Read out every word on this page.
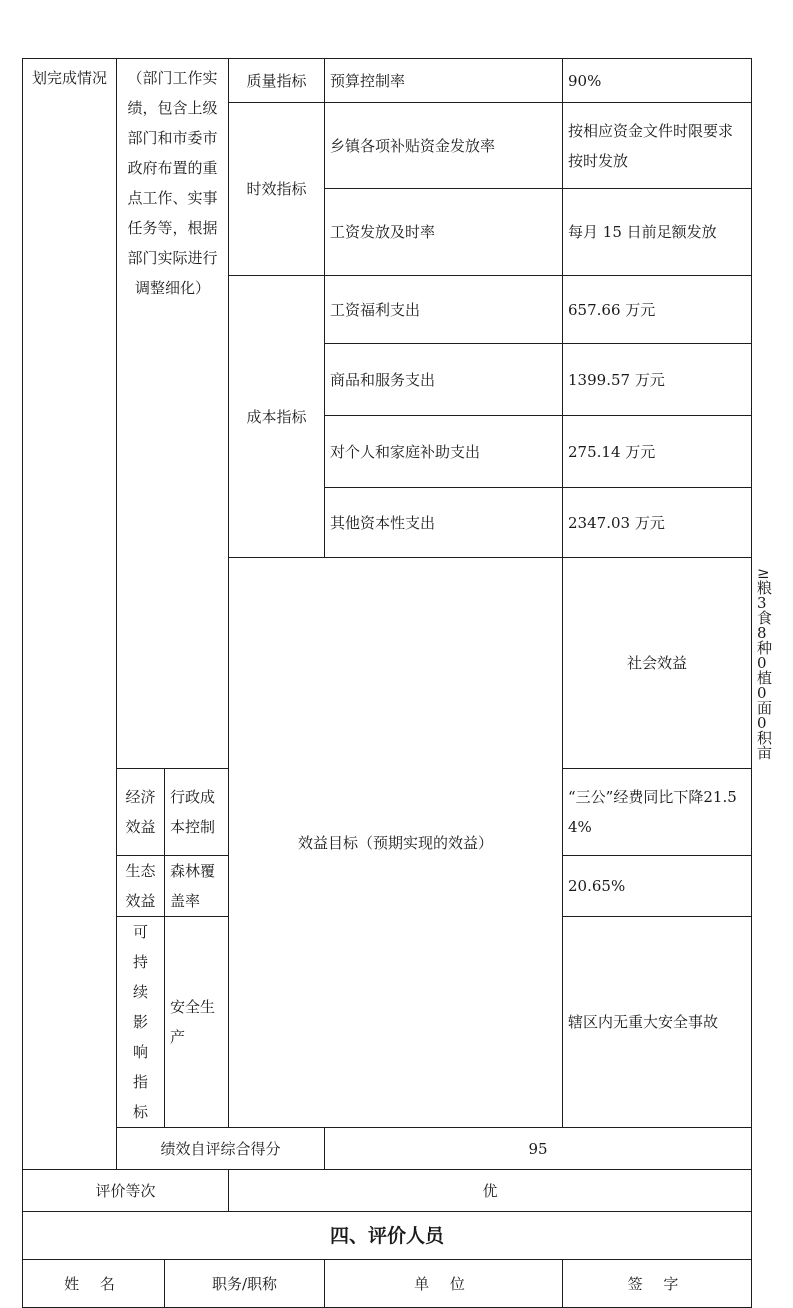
划完成情况	（部门工作实绩，包含上级部门和市委市政府布置的重点工作、实事任务等，根据部门实际进行调整细化）		质量指标	预算控制率	90%	
			时效指标	乡镇各项补贴资金发放率	按相应资金文件时限要求按时发放	
				工资发放及时率	每月 15 日前足额发放	
			成本指标	工资福利支出	657.66 万元	
				商品和服务支出	1399.57 万元	
				对个人和家庭补助支出	275.14 万元	
				其他资本性支出	2347.03 万元	
			效益目标（预期实现的效益）		社会效益	粮食种植面积	≥38000 亩
	经济效益	行政成本控制			“三公”经费同比下降21.54%	
	生态效益	森林覆盖率			20.65%	
	可持续影响指标	安全生产			辖区内无重大安全事故	
	绩效自评综合得分			95		
评价等次			优			
四、评价人员						
姓 名		职务/职称		单 位	签 字	
